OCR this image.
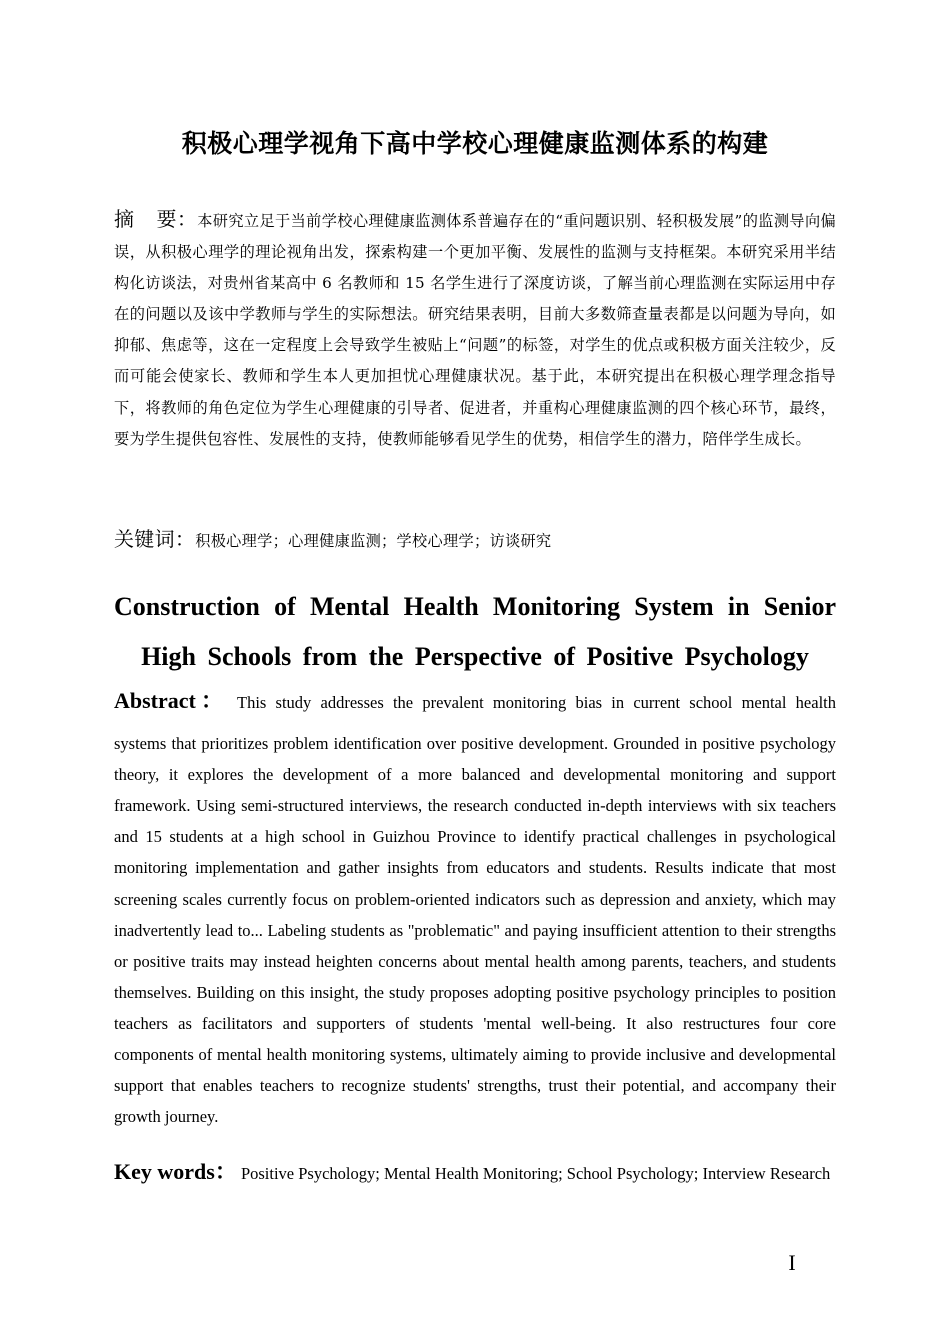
积极心理学视角下高中学校心理健康监测体系的构建
摘 要：本研究立足于当前学校心理健康监测体系普遍存在的“重问题识别、轻积极发展”的监测导向偏误，从积极心理学的理论视角出发，探索构建一个更加平衡、发展性的监测与支持框架。本研究采用半结构化访谈法，对贵州省某高中 6 名教师和 15 名学生进行了深度访谈，了解当前心理监测在实际运用中存在的问题以及该中学教师与学生的实际想法。研究结果表明，目前大多数筛查量表都是以问题为导向，如抑郁、焦虑等，这在一定程度上会导致学生被贴上“问题”的标签，对学生的优点或积极方面关注较少，反而可能会使家长、教师和学生本人更加担忧心理健康状况。基于此，本研究提出在积极心理学理念指导下，将教师的角色定位为学生心理健康的引导者、促进者，并重构心理健康监测的四个核心环节，最终，要为学生提供包容性、发展性的支持，使教师能够看见学生的优势，相信学生的潜力，陪伴学生成长。
关键词：积极心理学；心理健康监测；学校心理学；访谈研究
Construction of Mental Health Monitoring System in Senior High Schools from the Perspective of Positive Psychology
Abstract： This study addresses the prevalent monitoring bias in current school mental health
systems that prioritizes problem identification over positive development. Grounded in positive psychology theory, it explores the development of a more balanced and developmental monitoring and support framework. Using semi-structured interviews, the research conducted in-depth interviews with six teachers and 15 students at a high school in Guizhou Province to identify practical challenges in psychological monitoring implementation and gather insights from educators and students. Results indicate that most screening scales currently focus on problem-oriented indicators such as depression and anxiety, which may inadvertently lead to... Labeling students as "problematic" and paying insufficient attention to their strengths or positive traits may instead heighten concerns about mental health among parents, teachers, and students themselves. Building on this insight, the study proposes adopting positive psychology principles to position teachers as facilitators and supporters of students 'mental well-being. It also restructures four core components of mental health monitoring systems, ultimately aiming to provide inclusive and developmental support that enables teachers to recognize students' strengths, trust their potential, and accompany their growth journey.
Key words： Positive Psychology; Mental Health Monitoring; School Psychology; Interview Research
I
